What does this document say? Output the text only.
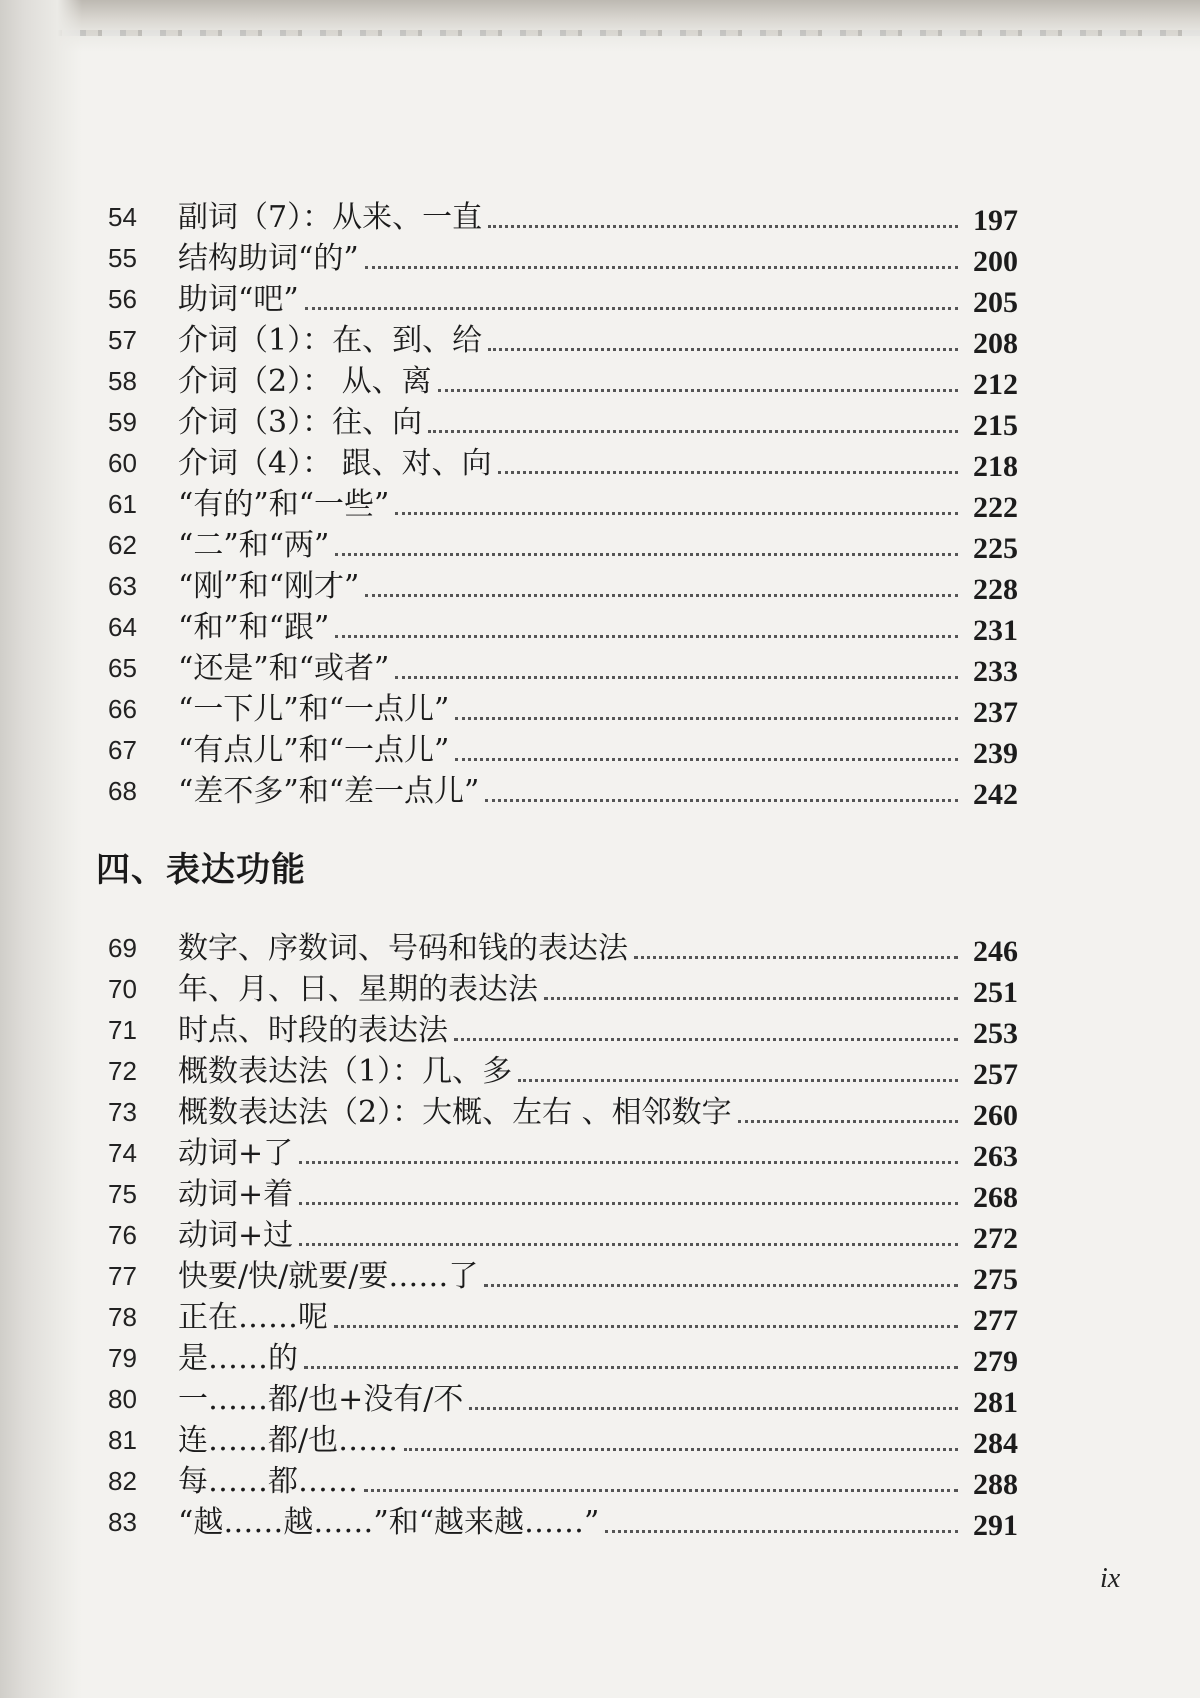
54	副词（7）：从来、一直	197
55	结构助词“的”	200
56	助词“吧”	205
57	介词（1）：在、到、给	208
58	介词（2）： 从、离	212
59	介词（3）：往、向	215
60	介词（4）： 跟、对、向	218
61	“有的”和“一些”	222
62	“二”和“两”	225
63	“刚”和“刚才”	228
64	“和”和“跟”	231
65	“还是”和“或者”	233
66	“一下儿”和“一点儿”	237
67	“有点儿”和“一点儿”	239
68	“差不多”和“差一点儿”	242
四、表达功能
69	数字、序数词、号码和钱的表达法	246
70	年、月、日、星期的表达法	251
71	时点、时段的表达法	253
72	概数表达法（1）：几、多	257
73	概数表达法（2）：大概、左右 、相邻数字	260
74	动词+了	263
75	动词+着	268
76	动词+过	272
77	快要/快/就要/要……了	275
78	正在……呢	277
79	是……的	279
80	一……都/也+没有/不	281
81	连……都/也……	284
82	每……都……	288
83	“越……越……”和“越来越……”	291
ix
